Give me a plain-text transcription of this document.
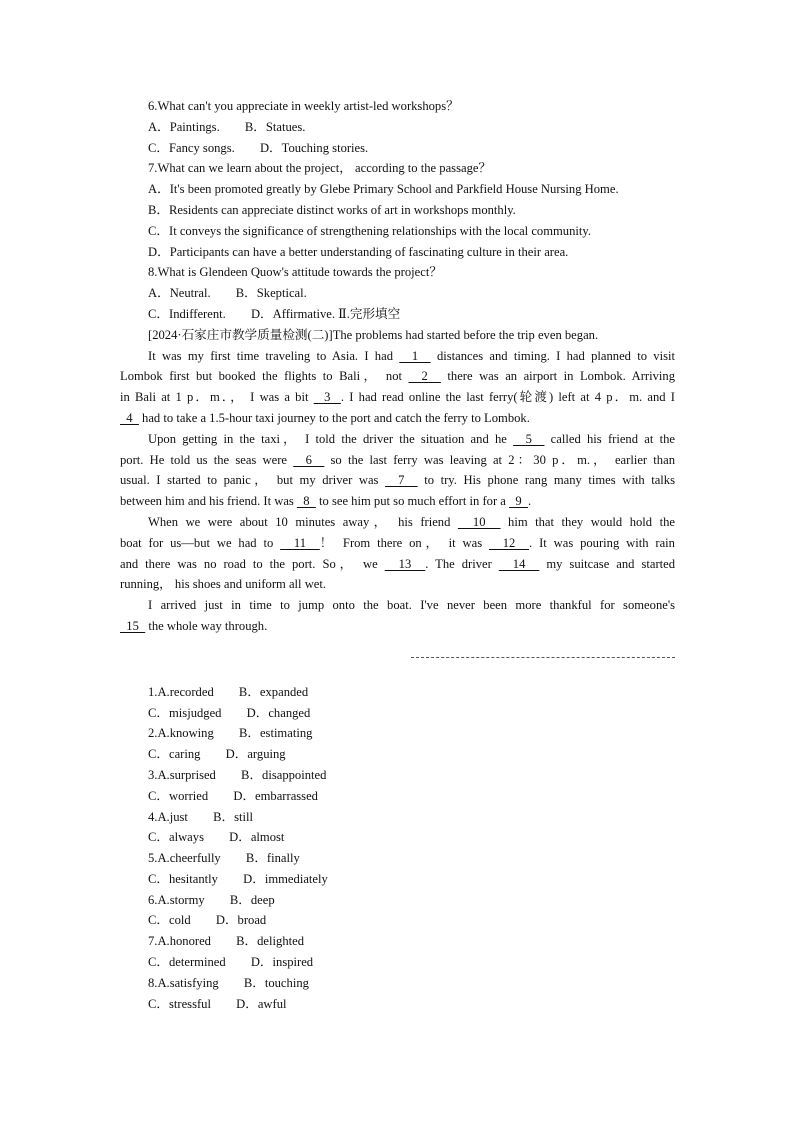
6.What can't you appreciate in weekly artist-led workshops？
A．Paintings.        B．Statues.
C．Fancy songs.        D．Touching stories.
7.What can we learn about the project， according to the passage？
A．It's been promoted greatly by Glebe Primary School and Parkfield House Nursing Home.
B．Residents can appreciate distinct works of art in workshops monthly.
C．It conveys the significance of strengthening relationships with the local community.
D．Participants can have a better understanding of fascinating culture in their area.
8.What is Glendeen Quow's attitude towards the project？
A．Neutral.        B．Skeptical.
C．Indifferent.        D．Affirmative. Ⅱ.完形填空
[2024·石家庄市教学质量检测(二)]The problems had started before the trip even began.
It was my first time traveling to Asia. I had   1   distances and timing. I had planned to visit
Lombok first but booked the flights to Bali， not   2   there was an airport in Lombok. Arriving
in Bali at 1 p．m．， I was a bit   3  . I had read online the last ferry(轮渡) left at 4 p．m. and I
4   had to take a 1.5-hour taxi journey to the port and catch the ferry to Lombok.
Upon getting in the taxi， I told the driver the situation and he   5   called his friend at the
port. He told us the seas were   6   so the last ferry was leaving at 2：30 p．m.， earlier than
usual. I started to panic， but my driver was   7   to try. His phone rang many times with talks
between him and his friend. It was   8   to see him put so much effort in for a   9  .
When we were about 10 minutes away， his friend   10   him that they would hold the
boat for us—but we had to   11  ！ From there on， it was   12  . It was pouring with rain
and there was no road to the port. So， we   13  . The driver   14   my suitcase and started
running， his shoes and uniform all wet.
I arrived just in time to jump onto the boat. I've never been more thankful for someone's
15   the whole way through.
1.A.recorded        B．expanded
C．misjudged        D．changed
2.A.knowing        B．estimating
C．caring        D．arguing
3.A.surprised        B．disappointed
C．worried        D．embarrassed
4.A.just        B．still
C．always        D．almost
5.A.cheerfully        B．finally
C．hesitantly        D．immediately
6.A.stormy        B．deep
C．cold        D．broad
7.A.honored        B．delighted
C．determined        D．inspired
8.A.satisfying        B．touching
C．stressful        D．awful
